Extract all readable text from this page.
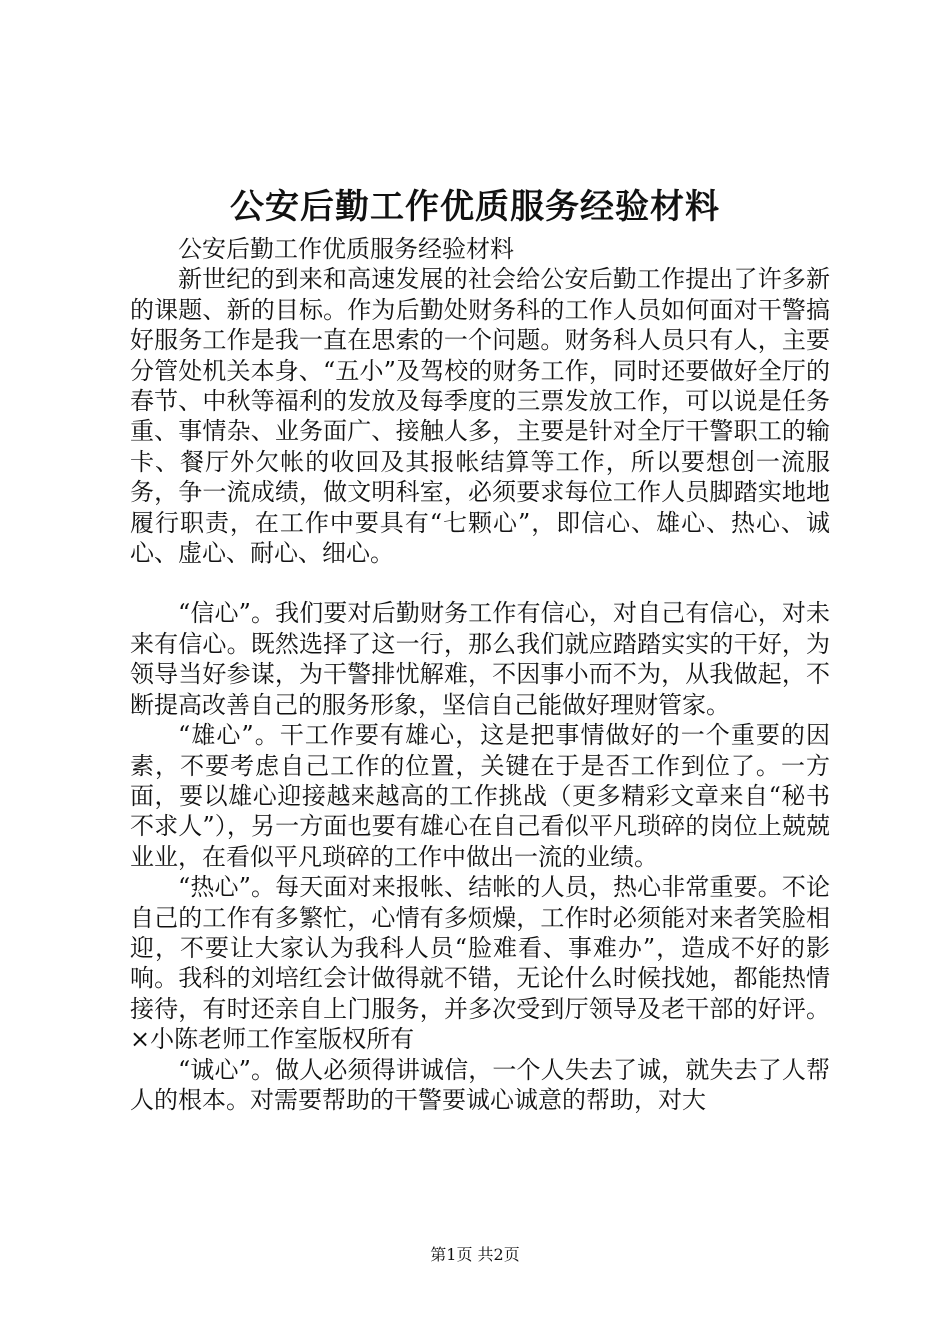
公安后勤工作优质服务经验材料

公安后勤工作优质服务经验材料

新世纪的到来和高速发展的社会给公安后勤工作提出了许多新的课题、新的目标。作为后勤处财务科的工作人员如何面对干警搞好服务工作是我一直在思索的一个问题。财务科人员只有人，主要分管处机关本身、“五小”及驾校的财务工作，同时还要做好全厅的春节、中秋等福利的发放及每季度的三票发放工作，可以说是任务重、事情杂、业务面广、接触人多，主要是针对全厅干警职工的输卡、餐厅外欠帐的收回及其报帐结算等工作，所以要想创一流服务，争一流成绩，做文明科室，必须要求每位工作人员脚踏实地地履行职责，在工作中要具有“七颗心”，即信心、雄心、热心、诚心、虚心、耐心、细心。

“信心”。我们要对后勤财务工作有信心，对自己有信心，对未来有信心。既然选择了这一行，那么我们就应踏踏实实的干好，为领导当好参谋，为干警排忧解难，不因事小而不为，从我做起，不断提高改善自己的服务形象，坚信自己能做好理财管家。

“雄心”。干工作要有雄心，这是把事情做好的一个重要的因素，不要考虑自己工作的位置，关键在于是否工作到位了。一方面，要以雄心迎接越来越高的工作挑战（更多精彩文章来自“秘书不求人”），另一方面也要有雄心在自己看似平凡琐碎的岗位上兢兢业业，在看似平凡琐碎的工作中做出一流的业绩。

“热心”。每天面对来报帐、结帐的人员，热心非常重要。不论自己的工作有多繁忙，心情有多烦燥，工作时必须能对来者笑脸相迎，不要让大家认为我科人员“脸难看、事难办”，造成不好的影响。我科的刘培红会计做得就不错，无论什么时候找她，都能热情接待，有时还亲自上门服务，并多次受到厅领导及老干部的好评。×小陈老师工作室版权所有

“诚心”。做人必须得讲诚信，一个人失去了诚，就失去了人帮人的根本。对需要帮助的干警要诚心诚意的帮助，对大

第1页 共2页
